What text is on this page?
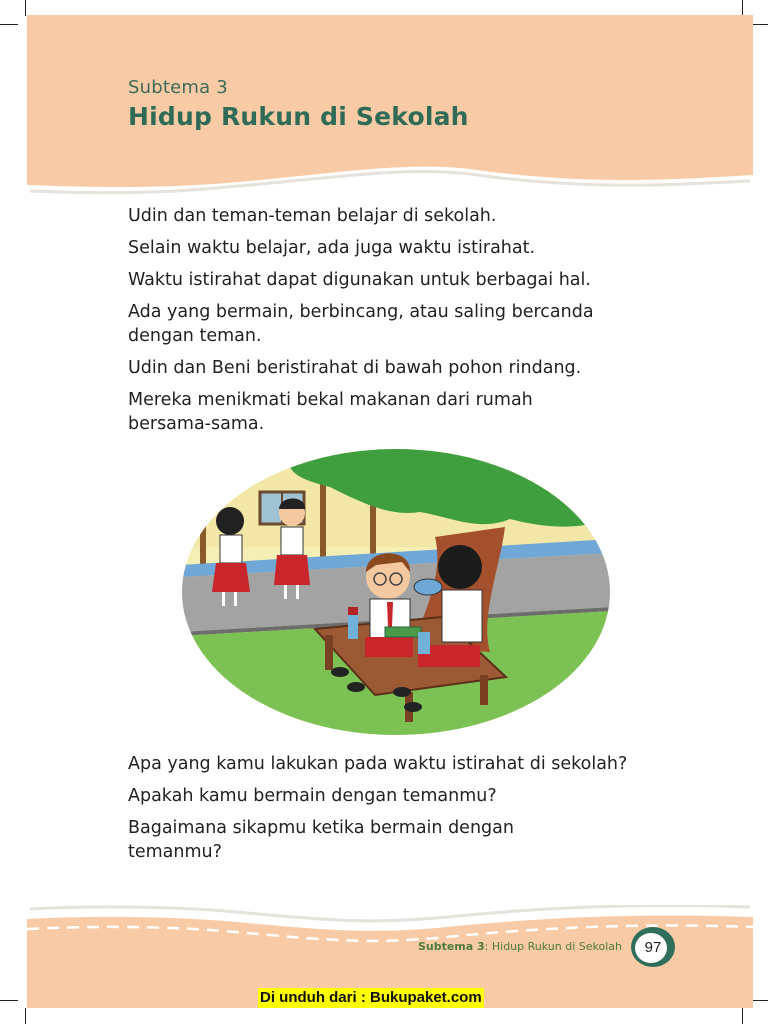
Subtema 3
Hidup Rukun di Sekolah

Udin dan teman-teman belajar di sekolah.

Selain waktu belajar, ada juga waktu istirahat.

Waktu istirahat dapat digunakan untuk berbagai hal.

Ada yang bermain, berbincang, atau saling bercanda dengan teman.

Udin dan Beni beristirahat di bawah pohon rindang.

Mereka menikmati bekal makanan dari rumah bersama-sama.

Apa yang kamu lakukan pada waktu istirahat di sekolah?

Apakah kamu bermain dengan temanmu?

Bagaimana sikapmu ketika bermain dengan temanmu?

Subtema 3: Hidup Rukun di Sekolah	97
Di unduh dari : Bukupaket.com
